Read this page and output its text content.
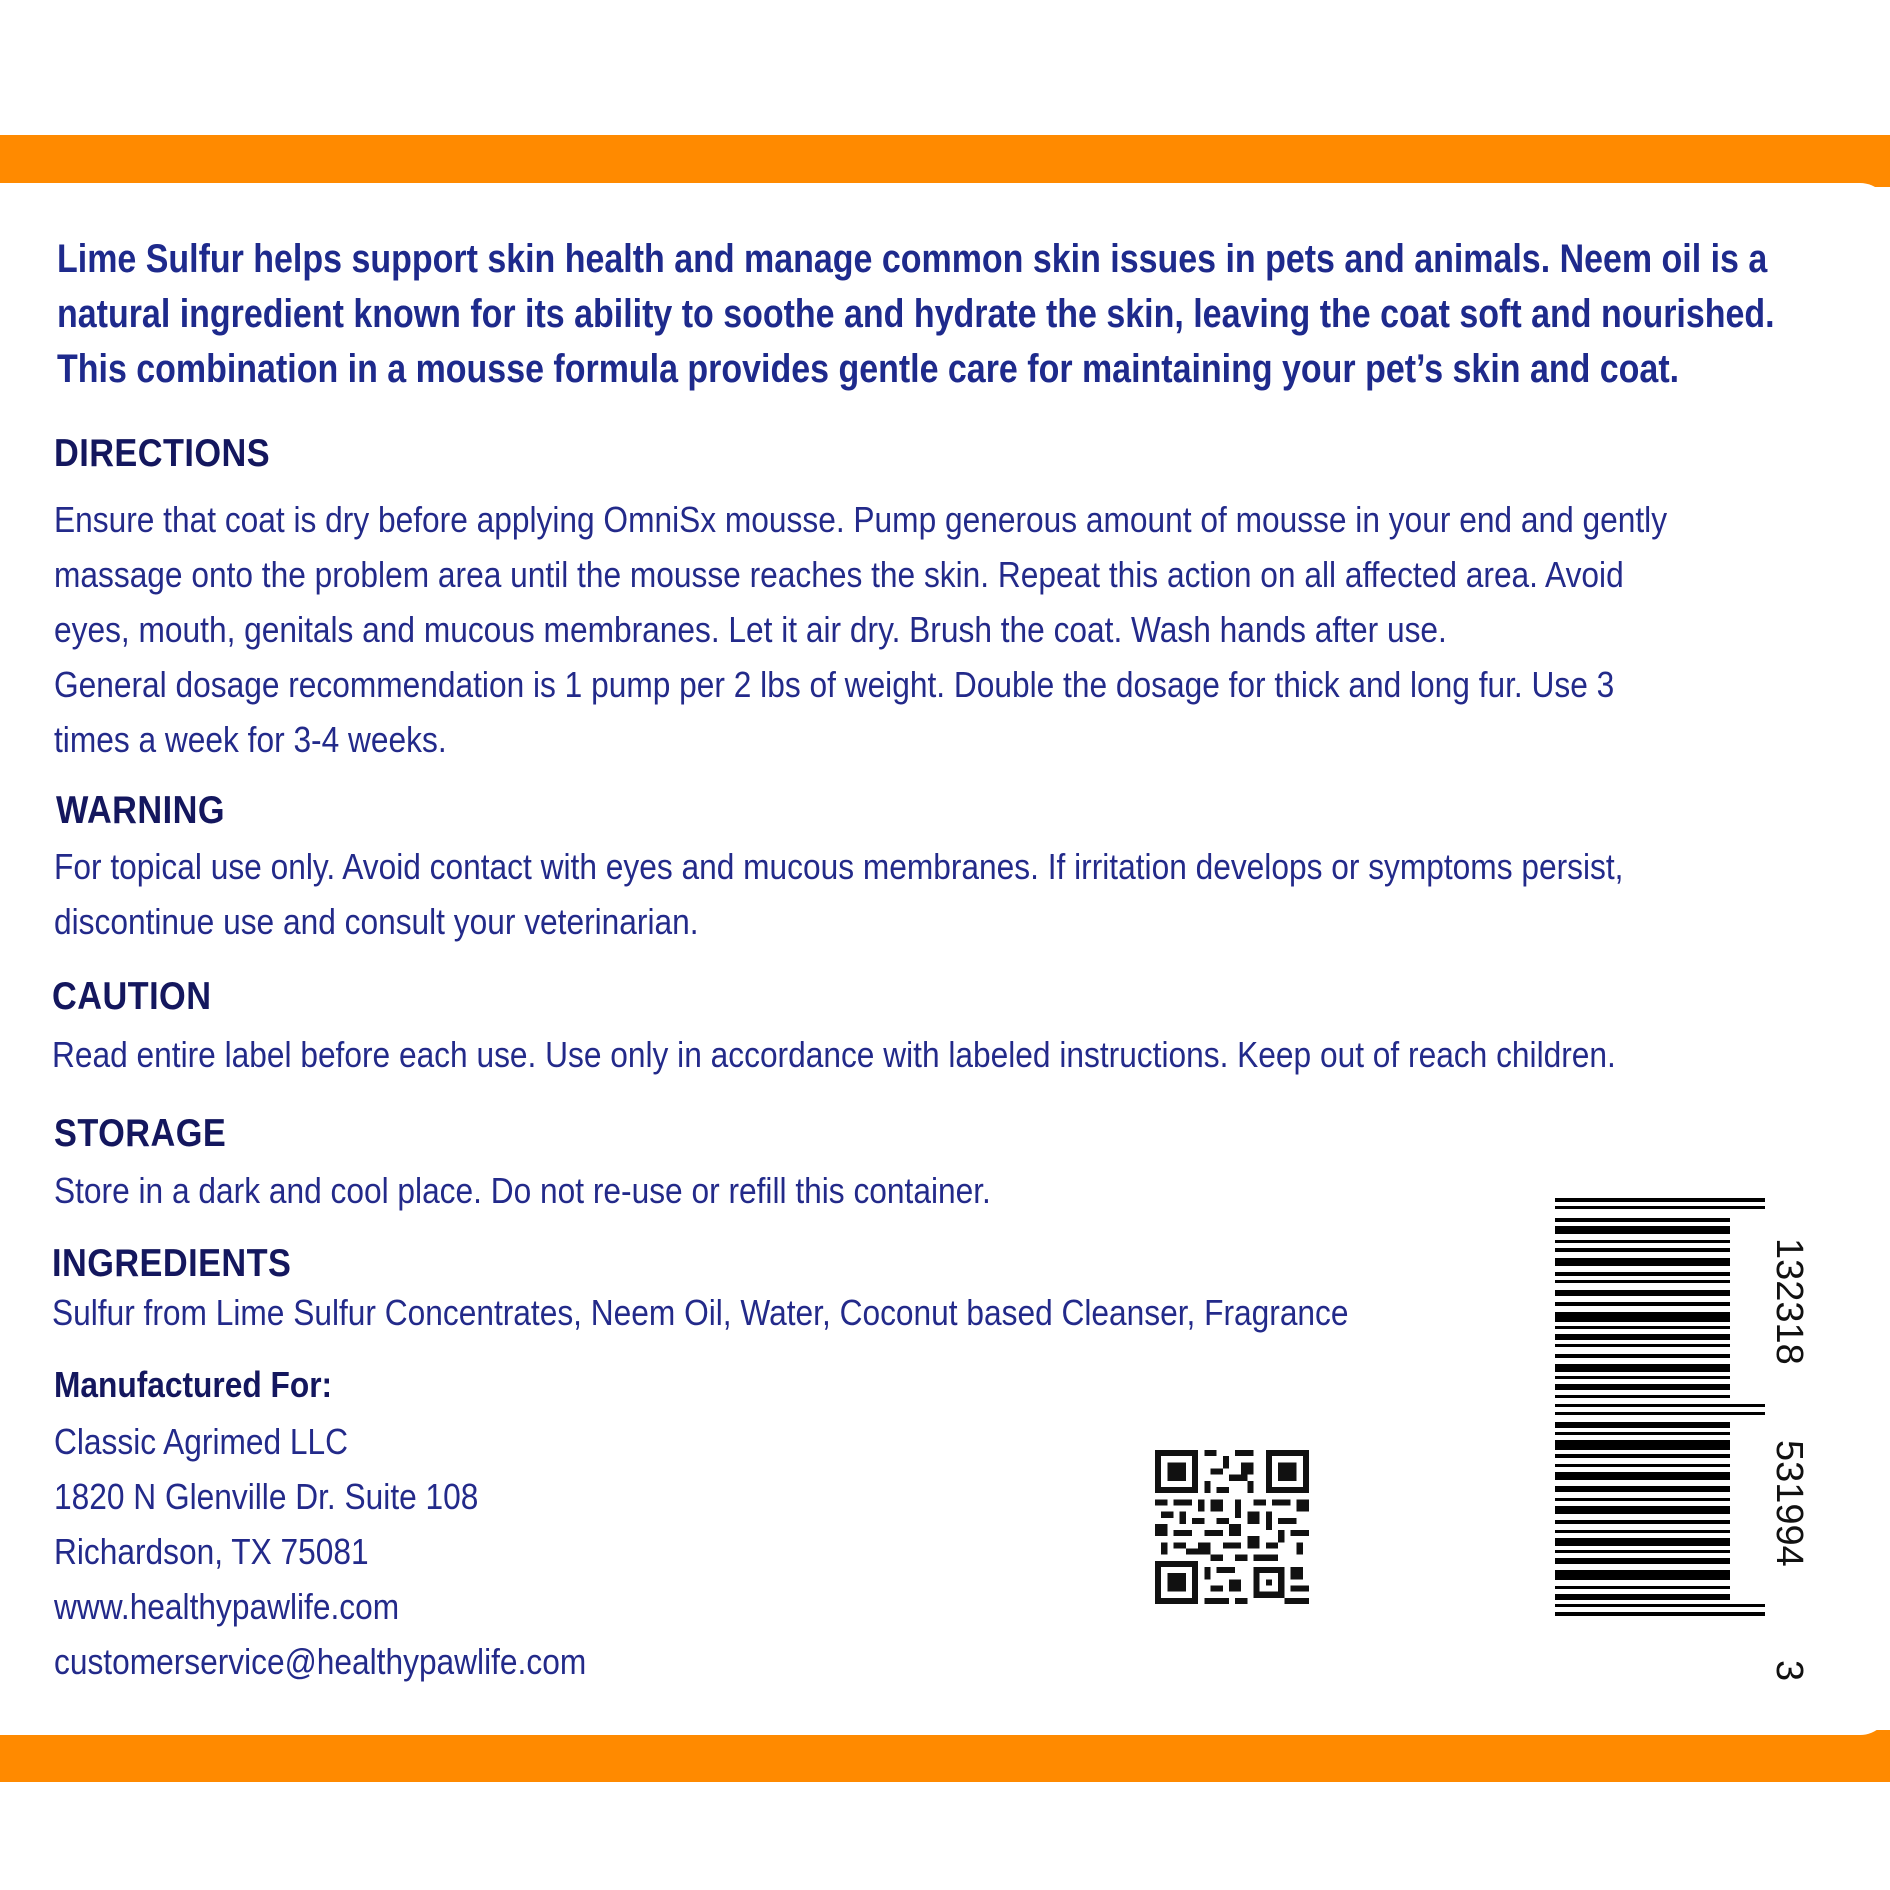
Lime Sulfur helps support skin health and manage common skin issues in pets and animals. Neem oil is a
natural ingredient known for its ability to soothe and hydrate the skin, leaving the coat soft and nourished.
This combination in a mousse formula provides gentle care for maintaining your pet’s skin and coat.
DIRECTIONS
Ensure that coat is dry before applying OmniSx mousse. Pump generous amount of mousse in your end and gently
massage onto the problem area until the mousse reaches the skin. Repeat this action on all affected area. Avoid
eyes, mouth, genitals and mucous membranes. Let it air dry. Brush the coat. Wash hands after use.
General dosage recommendation is 1 pump per 2 lbs of weight. Double the dosage for thick and long fur. Use 3
times a week for 3-4 weeks.
WARNING
For topical use only. Avoid contact with eyes and mucous membranes. If irritation develops or symptoms persist,
discontinue use and consult your veterinarian.
CAUTION
Read entire label before each use. Use only in accordance with labeled instructions. Keep out of reach children.
STORAGE
Store in a dark and cool place. Do not re-use or refill this container.
INGREDIENTS
Sulfur from Lime Sulfur Concentrates, Neem Oil, Water, Coconut based Cleanser, Fragrance
Manufactured For:
Classic Agrimed LLC
1820 N Glenville Dr. Suite 108
Richardson, TX 75081
www.healthypawlife.com
customerservice@healthypawlife.com
132318
531994
3
